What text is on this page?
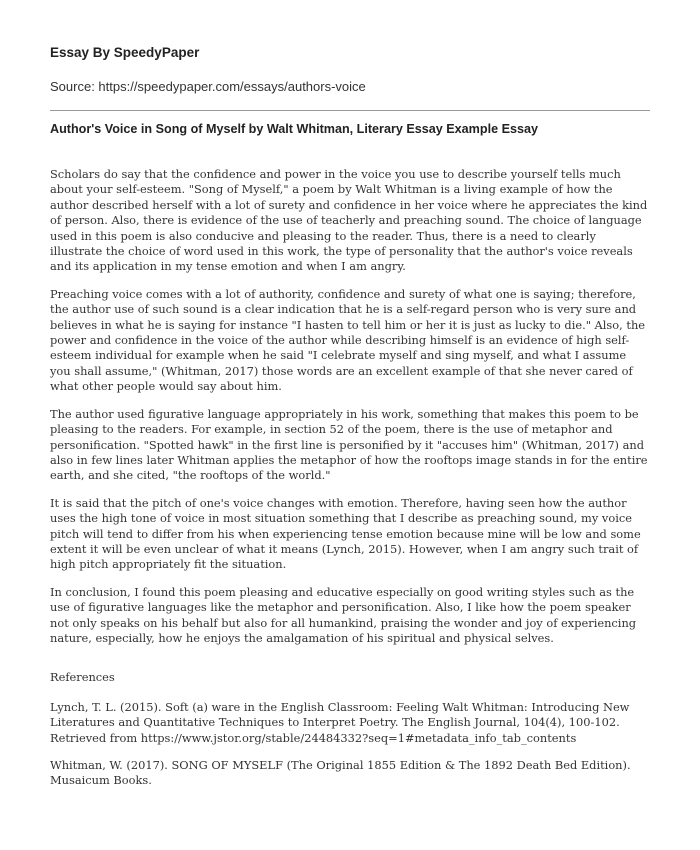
Essay By SpeedyPaper
Source: https://speedypaper.com/essays/authors-voice
Author's Voice in Song of Myself by Walt Whitman, Literary Essay Example Essay

Scholars do say that the confidence and power in the voice you use to describe yourself tells much about your self-esteem. "Song of Myself," a poem by Walt Whitman is a living example of how the author described herself with a lot of surety and confidence in her voice where he appreciates the kind of person. Also, there is evidence of the use of teacherly and preaching sound. The choice of language used in this poem is also conducive and pleasing to the reader. Thus, there is a need to clearly illustrate the choice of word used in this work, the type of personality that the author's voice reveals and its application in my tense emotion and when I am angry.

Preaching voice comes with a lot of authority, confidence and surety of what one is saying; therefore, the author use of such sound is a clear indication that he is a self-regard person who is very sure and believes in what he is saying for instance "I hasten to tell him or her it is just as lucky to die." Also, the power and confidence in the voice of the author while describing himself is an evidence of high self-esteem individual for example when he said "I celebrate myself and sing myself, and what I assume you shall assume," (Whitman, 2017) those words are an excellent example of that she never cared of what other people would say about him.

The author used figurative language appropriately in his work, something that makes this poem to be pleasing to the readers. For example, in section 52 of the poem, there is the use of metaphor and personification. "Spotted hawk" in the first line is personified by it "accuses him" (Whitman, 2017) and also in few lines later Whitman applies the metaphor of how the rooftops image stands in for the entire earth, and she cited, "the rooftops of the world."

It is said that the pitch of one's voice changes with emotion. Therefore, having seen how the author uses the high tone of voice in most situation something that I describe as preaching sound, my voice pitch will tend to differ from his when experiencing tense emotion because mine will be low and some extent it will be even unclear of what it means (Lynch, 2015). However, when I am angry such trait of high pitch appropriately fit the situation.

In conclusion, I found this poem pleasing and educative especially on good writing styles such as the use of figurative languages like the metaphor and personification. Also, I like how the poem speaker not only speaks on his behalf but also for all humankind, praising the wonder and joy of experiencing nature, especially, how he enjoys the amalgamation of his spiritual and physical selves.

References

Lynch, T. L. (2015). Soft (a) ware in the English Classroom: Feeling Walt Whitman: Introducing New Literatures and Quantitative Techniques to Interpret Poetry. The English Journal, 104(4), 100-102. Retrieved from https://www.jstor.org/stable/24484332?seq=1#metadata_info_tab_contents

Whitman, W. (2017). SONG OF MYSELF (The Original 1855 Edition & The 1892 Death Bed Edition). Musaicum Books.
